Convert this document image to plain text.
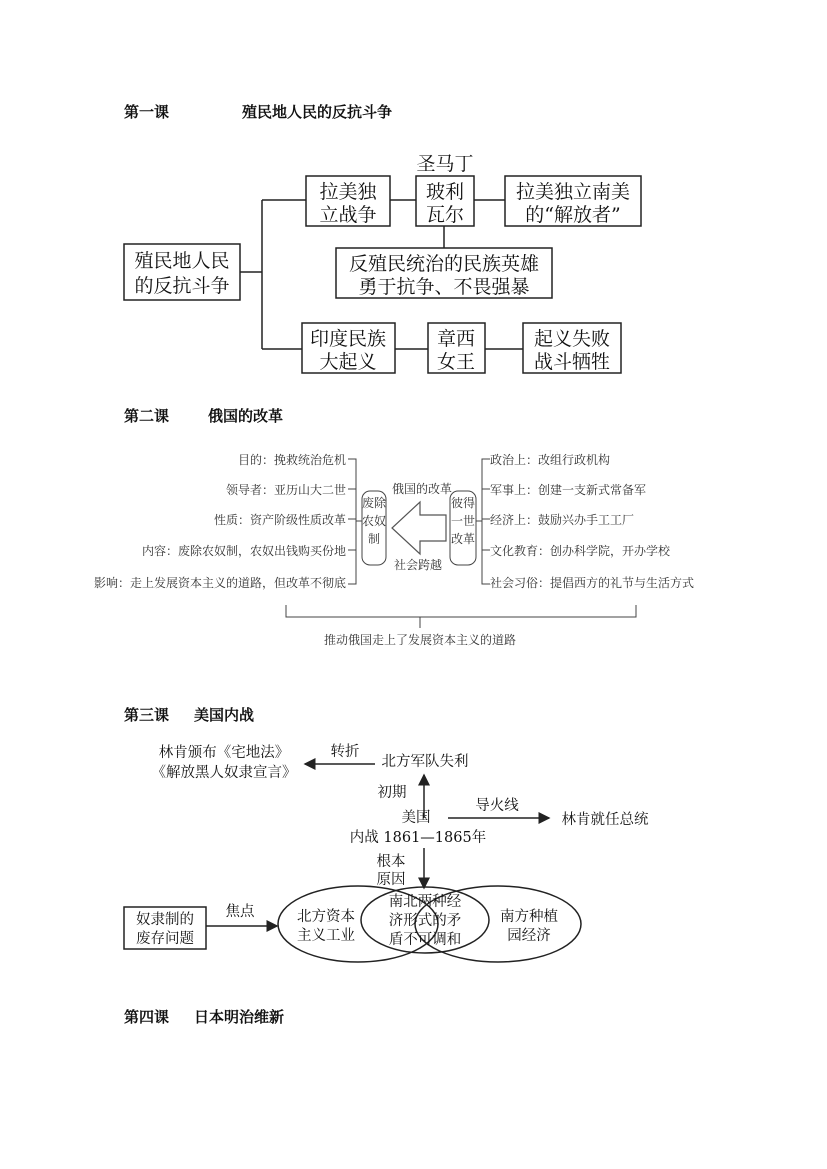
第一课

	殖民地人民的反抗斗争

第二课

	俄国的改革

第三课

美国内战

第四课

日本明治维新

殖民地人民
的反抗斗争
拉美独
立战争
圣马丁
玻利
瓦尔
拉美独立南美
的“解放者”
反殖民统治的民族英雄
勇于抗争、不畏强暴
印度民族
大起义
章西
女王
起义失败
战斗牺牲
目的：挽救统治危机
领导者：亚历山大二世
性质：资产阶级性质改革
内容：废除农奴制，农奴出钱购买份地
影响：走上发展资本主义的道路，但改革不彻底
废除
农奴
制
俄国的改革
社会跨越
彼得
一世
改革
政治上：改组行政机构
军事上：创建一支新式常备军
经济上：鼓励兴办手工工厂
文化教育：创办科学院，开办学校
社会习俗：提倡西方的礼节与生活方式
推动俄国走上了发展资本主义的道路
林肯颁布《宅地法》
《解放黑人奴隶宣言》
转折
北方军队失利
初期
美国
内战 1861—1865年
导火线
林肯就任总统
根本
原因
奴隶制的
废存问题
焦点	北方资本
主义工业
南北两种经
济形式的矛
盾不可调和
南方种植
园经济
